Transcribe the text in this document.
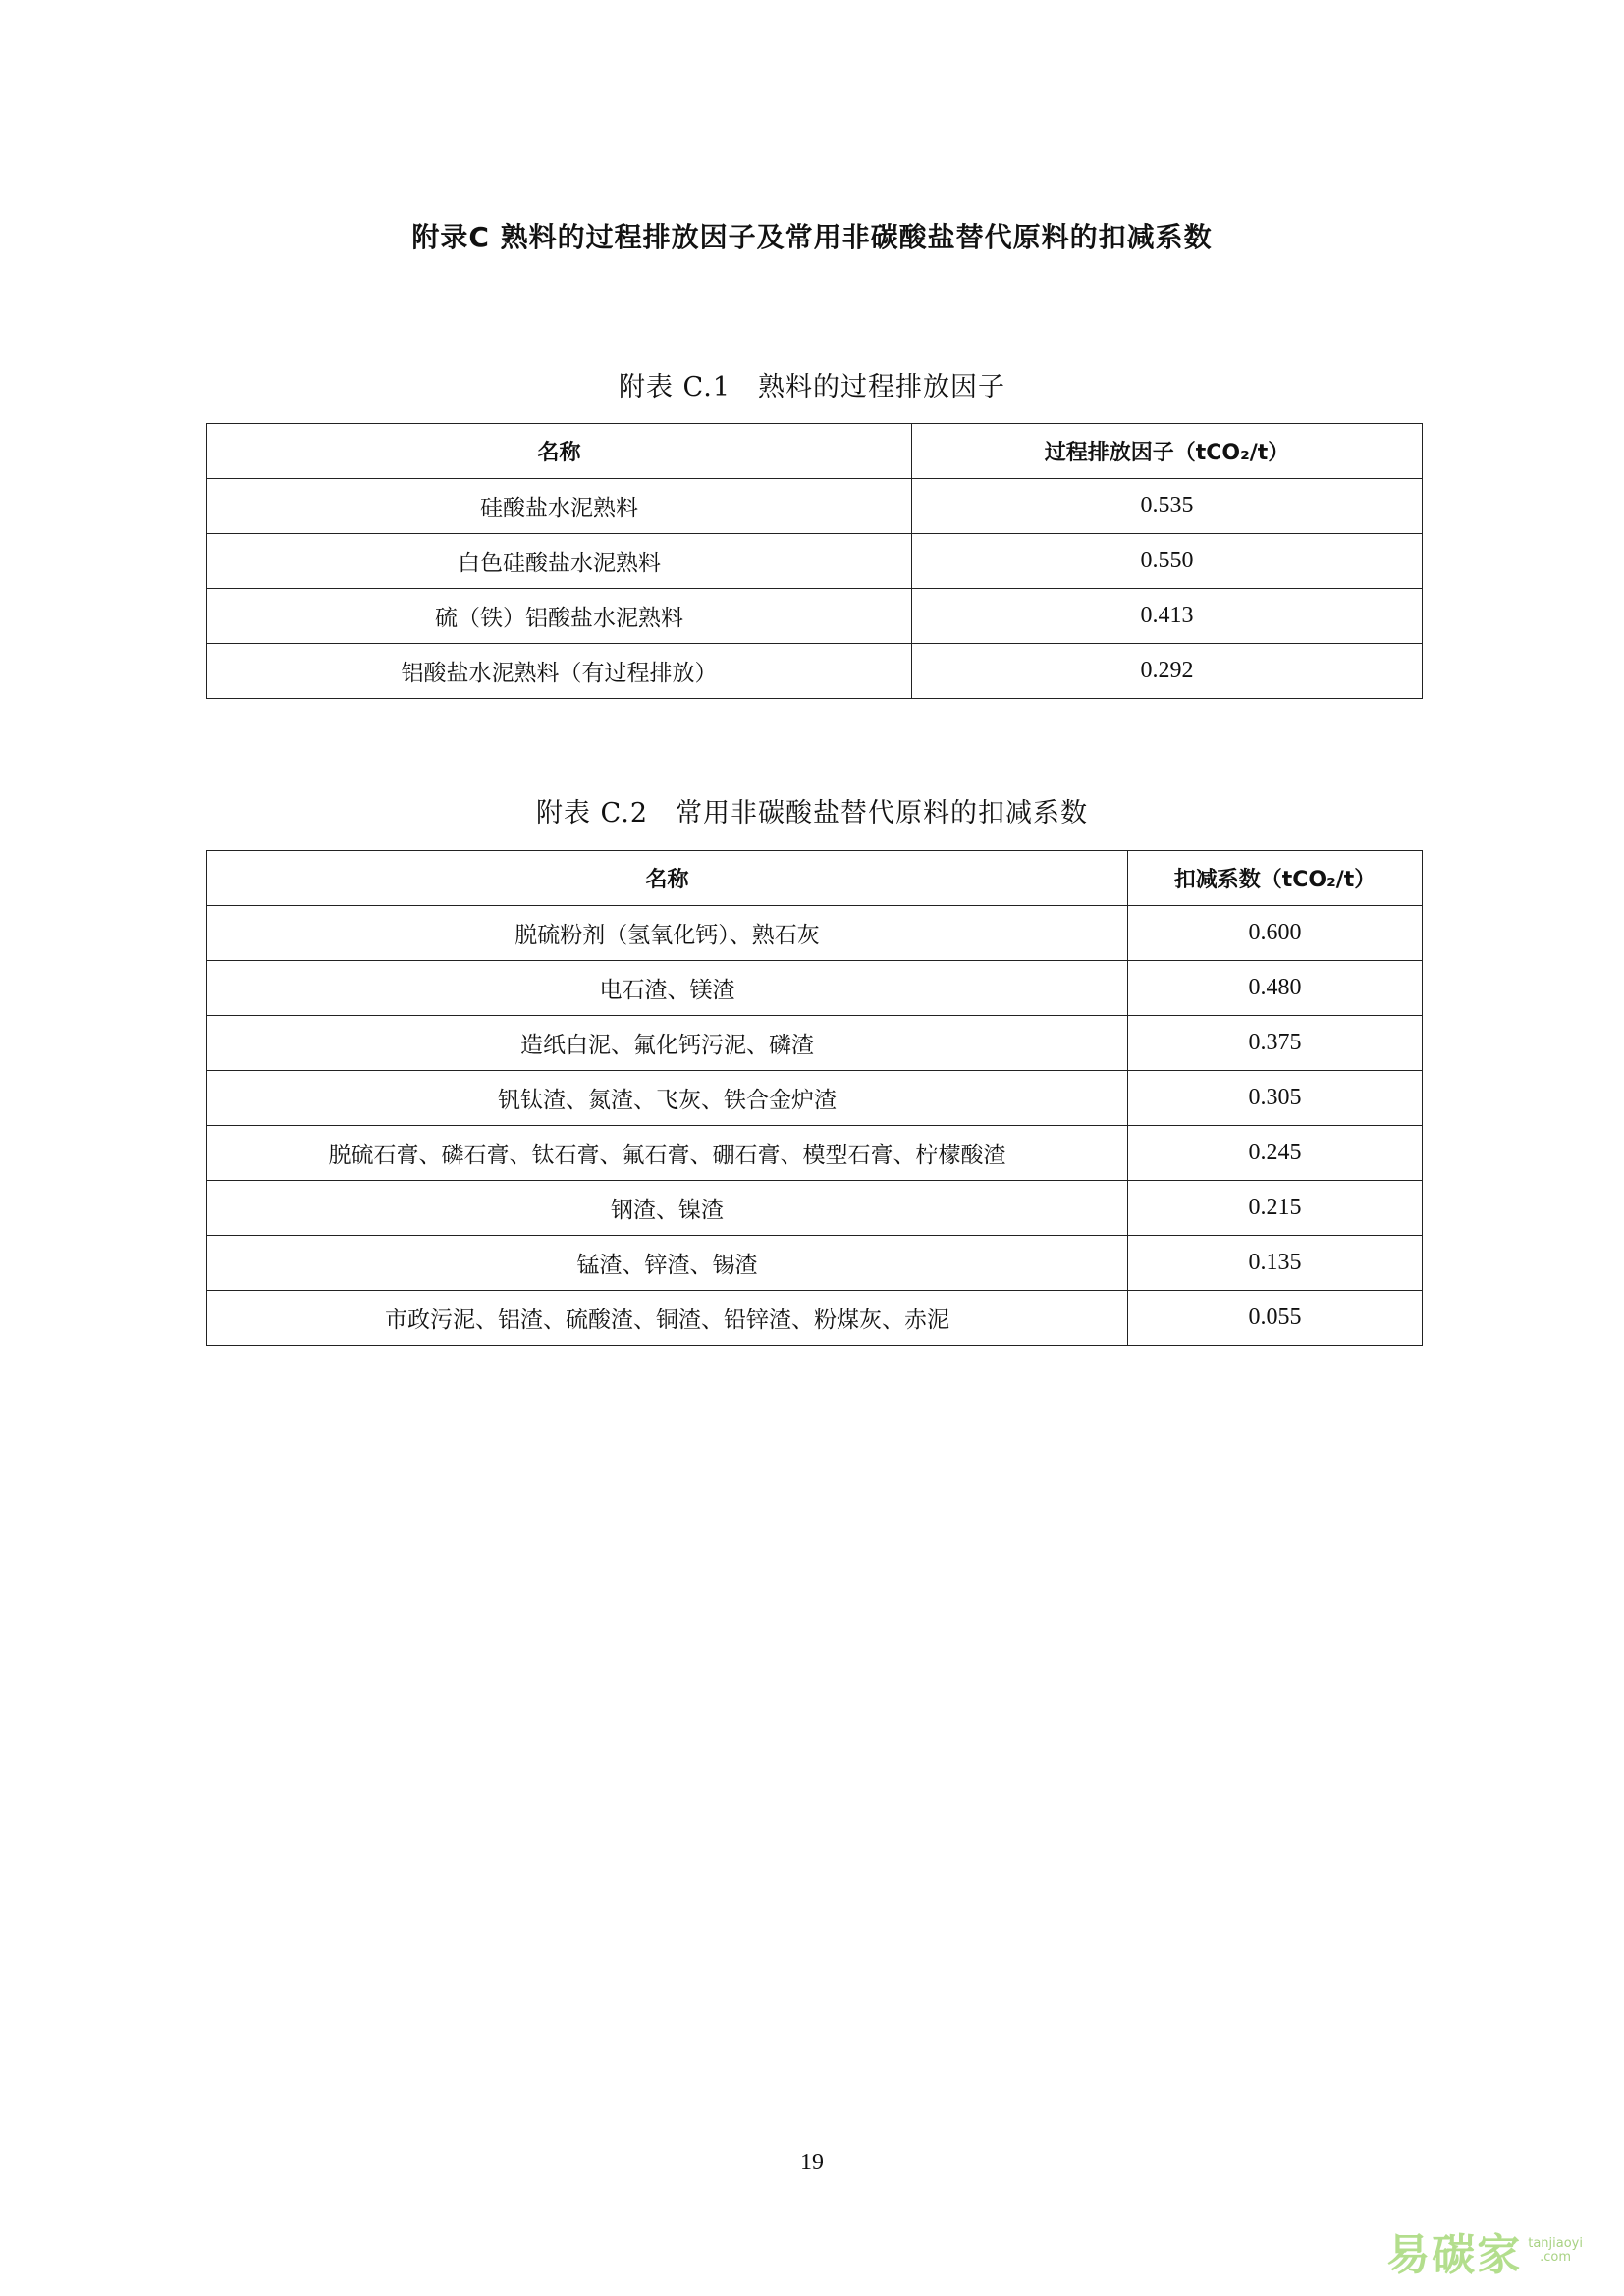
附录C 熟料的过程排放因子及常用非碳酸盐替代原料的扣减系数
附表 C.1　熟料的过程排放因子
名称	过程排放因子（tCO₂/t）
硅酸盐水泥熟料	0.535
白色硅酸盐水泥熟料	0.550
硫（铁）铝酸盐水泥熟料	0.413
铝酸盐水泥熟料（有过程排放）	0.292
附表 C.2　常用非碳酸盐替代原料的扣减系数
名称	扣减系数（tCO₂/t）
脱硫粉剂（氢氧化钙）、熟石灰	0.600
电石渣、镁渣	0.480
造纸白泥、氟化钙污泥、磷渣	0.375
钒钛渣、氮渣、飞灰、铁合金炉渣	0.305
脱硫石膏、磷石膏、钛石膏、氟石膏、硼石膏、模型石膏、柠檬酸渣	0.245
钢渣、镍渣	0.215
锰渣、锌渣、锡渣	0.135
市政污泥、铝渣、硫酸渣、铜渣、铅锌渣、粉煤灰、赤泥	0.055
19
易碳家 tanjiaoyi
.com
